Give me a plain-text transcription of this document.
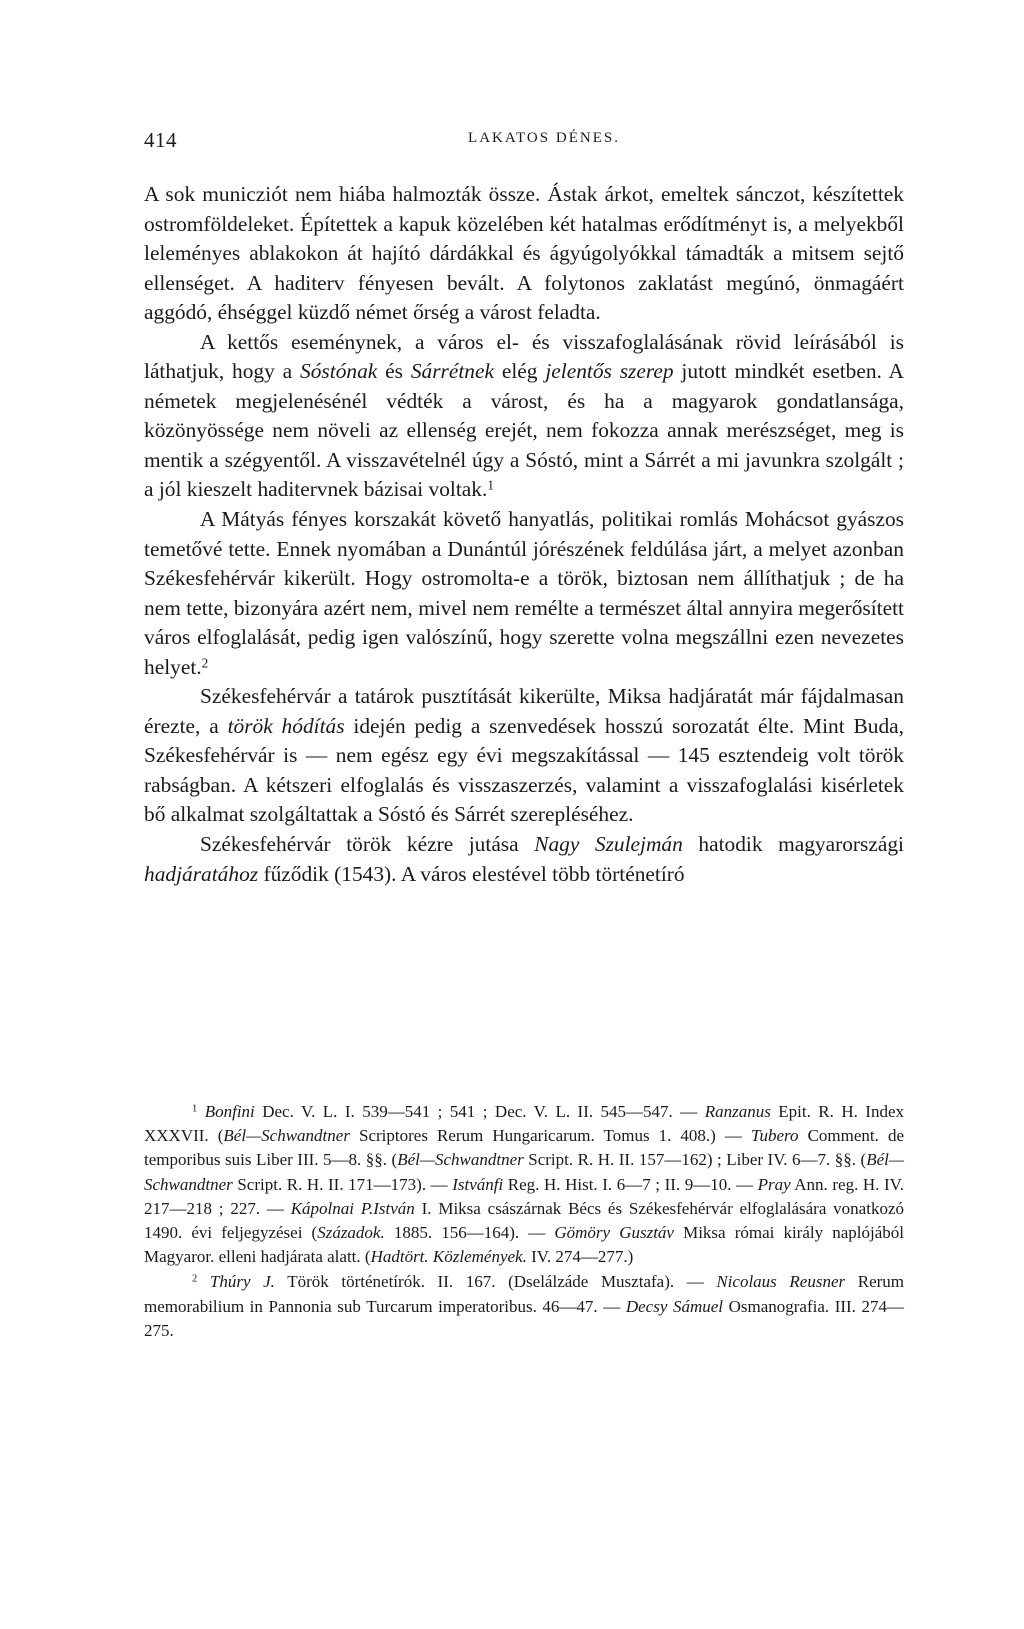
414	LAKATOS DÉNES.

A sok municziót nem hiába halmozták össze. Ástak árkot, emeltek sánczot, készítettek ostromföldeleket. Építettek a kapuk közelében két hatalmas erődítményt is, a melyekből leleményes ablakokon át hajító dárdákkal és ágyúgolyókkal támadták a mitsem sejtő ellenséget. A haditerv fényesen bevált. A folytonos zaklatást megúnó, önmagáért aggódó, éhséggel küzdő német őrség a várost feladta.

A kettős eseménynek, a város el- és visszafoglalásának rövid leírásából is láthatjuk, hogy a Sóstónak és Sárrétnek elég jelentős szerep jutott mindkét esetben. A németek megjelenésénél védték a várost, és ha a magyarok gondatlansága, közönyössége nem növeli az ellenség erejét, nem fokozza annak merészséget, meg is mentik a szégyentől. A visszavételnél úgy a Sóstó, mint a Sárrét a mi javunkra szolgált ; a jól kieszelt haditervnek bázisai voltak.$^1$

A Mátyás fényes korszakát követő hanyatlás, politikai romlás Mohácsot gyászos temetővé tette. Ennek nyomában a Dunántúl jórészének feldúlása járt, a melyet azonban Székesfehérvár kikerült. Hogy ostromolta-e a török, biztosan nem állíthatjuk ; de ha nem tette, bizonyára azért nem, mivel nem remélte a természet által annyira megerősített város elfoglalását, pedig igen valószínű, hogy szerette volna megszállni ezen nevezetes helyet.$^2$

Székesfehérvár a tatárok pusztítását kikerülte, Miksa hadjáratát már fájdalmasan érezte, a török hódítás idején pedig a szenvedések hosszú sorozatát élte. Mint Buda, Székesfehérvár is — nem egész egy évi megszakítással — 145 esztendeig volt török rabságban. A kétszeri elfoglalás és visszaszerzés, valamint a visszafoglalási kisérletek bő alkalmat szolgáltattak a Sóstó és Sárrét szerepléséhez.

Székesfehérvár török kézre jutása Nagy Szulejmán hatodik magyarországi hadjáratához fűződik (1543). A város elestével több történetíró

$^1$ Bonfini Dec. V. L. I. 539—541 ; 541 ; Dec. V. L. II. 545—547. — Ranzanus Epit. R. H. Index XXXVII. (Bél—Schwandtner Scriptores Rerum Hungaricarum. Tomus 1. 408.) — Tubero Comment. de temporibus suis Liber III. 5—8. §§. (Bél—Schwandtner Script. R. H. II. 157—162) ; Liber IV. 6—7. §§. (Bél—Schwandtner Script. R. H. II. 171—173). — Istvánfi Reg. H. Hist. I. 6—7 ; II. 9—10. — Pray Ann. reg. H. IV. 217—218 ; 227. — Kápolnai P.István I. Miksa császárnak Bécs és Székesfehérvár elfoglalására vonatkozó 1490. évi feljegyzései (Századok. 1885. 156—164). — Gömöry Gusztáv Miksa római király naplójából Magyaror. elleni hadjárata alatt. (Hadtört. Közlemények. IV. 274—277.)

$^2$ Thúry J. Török történetírók. II. 167. (Dselálzáde Musztafa). — Nicolaus Reusner Rerum memorabilium in Pannonia sub Turcarum imperatoribus. 46—47. — Decsy Sámuel Osmanografia. III. 274—275.
